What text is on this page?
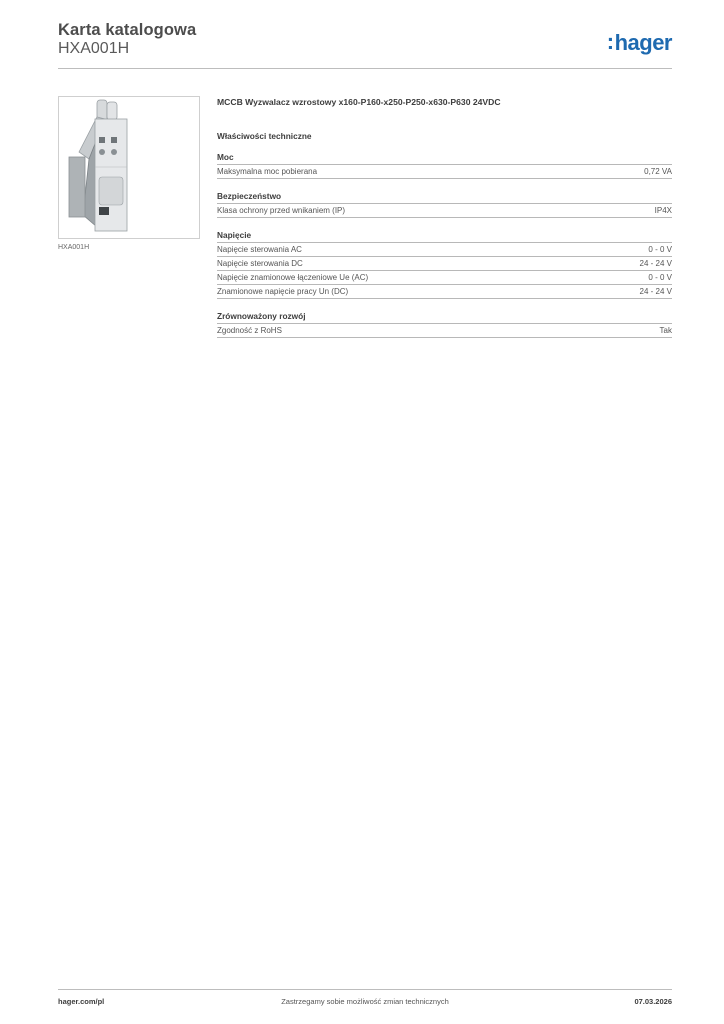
Karta katalogowa
HXA001H	:hager
HXA001H
MCCB Wyzwalacz wzrostowy x160-P160-x250-P250-x630-P630 24VDC
Właściwości techniczne
Moc
Maksymalna moc pobierana	0,72 VA
Bezpieczeństwo
Klasa ochrony przed wnikaniem (IP)	IP4X
Napięcie
Napięcie sterowania AC	0 - 0 V
Napięcie sterowania DC	24 - 24 V
Napięcie znamionowe łączeniowe Ue (AC)	0 - 0 V
Znamionowe napięcie pracy Un (DC)	24 - 24 V
Zrównoważony rozwój
Zgodność z RoHS	Tak
hager.com/pl	Zastrzegamy sobie możliwość zmian technicznych	07.03.2026
